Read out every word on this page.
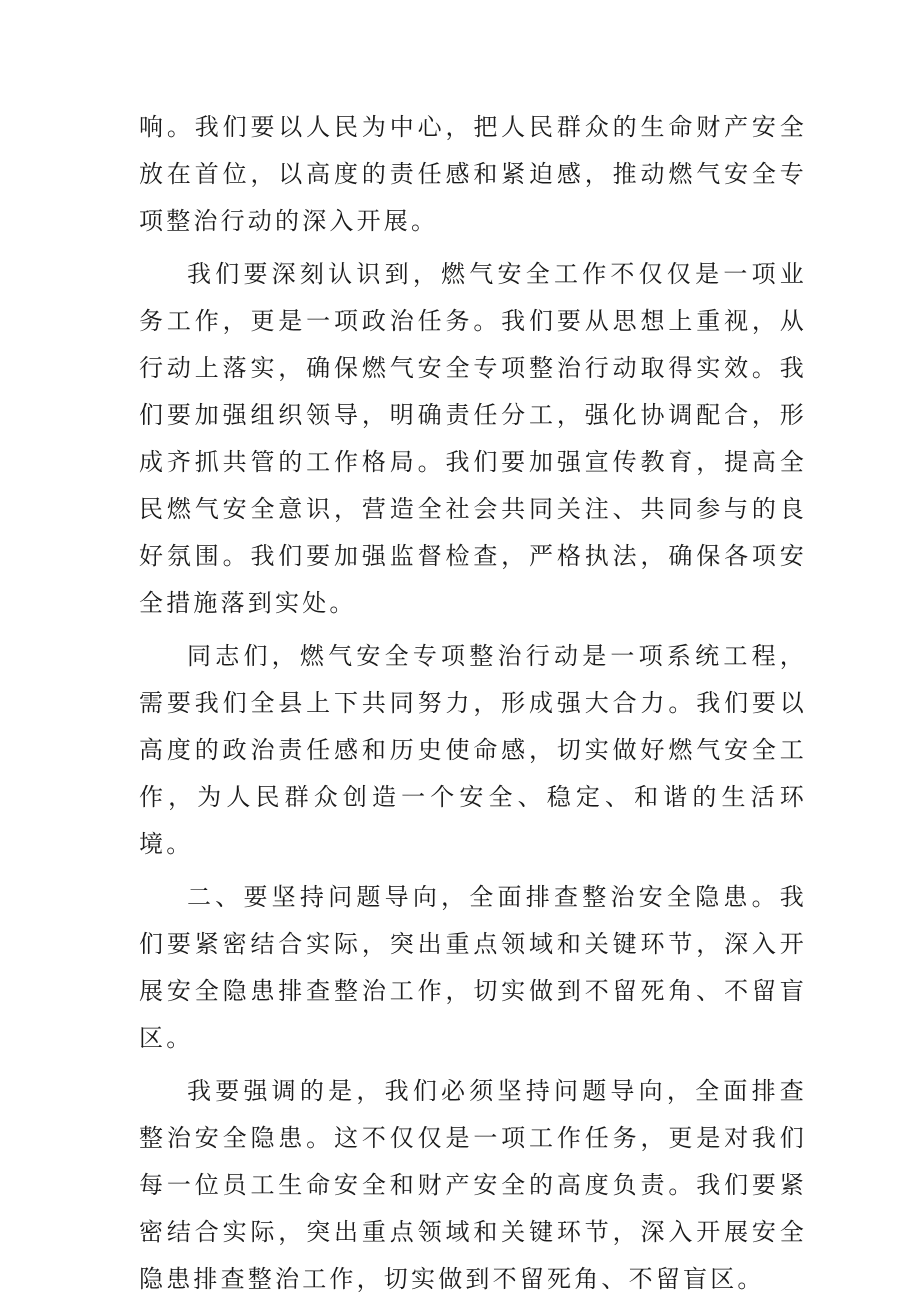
响。我们要以人民为中心，把人民群众的生命财产安全放在首位，以高度的责任感和紧迫感，推动燃气安全专项整治行动的深入开展。

我们要深刻认识到，燃气安全工作不仅仅是一项业务工作，更是一项政治任务。我们要从思想上重视，从行动上落实，确保燃气安全专项整治行动取得实效。我们要加强组织领导，明确责任分工，强化协调配合，形成齐抓共管的工作格局。我们要加强宣传教育，提高全民燃气安全意识，营造全社会共同关注、共同参与的良好氛围。我们要加强监督检查，严格执法，确保各项安全措施落到实处。

同志们，燃气安全专项整治行动是一项系统工程，需要我们全县上下共同努力，形成强大合力。我们要以高度的政治责任感和历史使命感，切实做好燃气安全工作，为人民群众创造一个安全、稳定、和谐的生活环境。

二、要坚持问题导向，全面排查整治安全隐患。我们要紧密结合实际，突出重点领域和关键环节，深入开展安全隐患排查整治工作，切实做到不留死角、不留盲区。

我要强调的是，我们必须坚持问题导向，全面排查整治安全隐患。这不仅仅是一项工作任务，更是对我们每一位员工生命安全和财产安全的高度负责。我们要紧密结合实际，突出重点领域和关键环节，深入开展安全隐患排查整治工作，切实做到不留死角、不留盲区。
